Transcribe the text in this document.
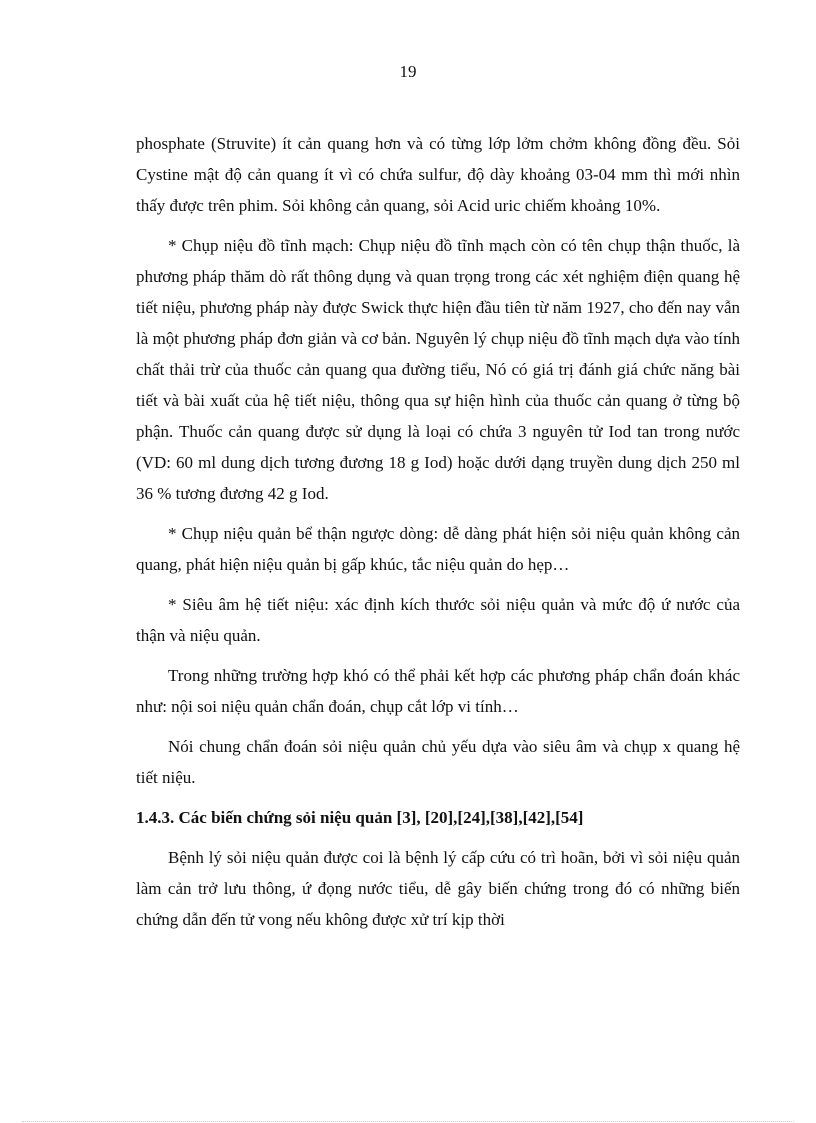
19

phosphate (Struvite) ít cản quang hơn và có từng lớp lởm chởm không đồng đều. Sỏi Cystine mật độ cản quang ít vì có chứa sulfur, độ dày khoảng 03-04 mm thì mới nhìn thấy được trên phim. Sỏi không cản quang, sỏi Acid uric chiếm khoảng 10%.

* Chụp niệu đồ tĩnh mạch: Chụp niệu đồ tĩnh mạch còn có tên chụp thận thuốc, là phương pháp thăm dò rất thông dụng và quan trọng trong các xét nghiệm điện quang hệ tiết niệu, phương pháp này được Swick thực hiện đầu tiên từ năm 1927, cho đến nay vẫn là một phương pháp đơn giản và cơ bản. Nguyên lý chụp niệu đồ tĩnh mạch dựa vào tính chất thải trừ của thuốc cản quang qua đường tiểu, Nó có giá trị đánh giá chức năng bài tiết và bài xuất của hệ tiết niệu, thông qua sự hiện hình của thuốc cản quang ở từng bộ phận. Thuốc cản quang được sử dụng là loại có chứa 3 nguyên tử Iod tan trong nước (VD: 60 ml dung dịch tương đương 18 g Iod) hoặc dưới dạng truyền dung dịch 250 ml 36 % tương đương 42 g Iod.

* Chụp niệu quản bể thận ngược dòng: dễ dàng phát hiện sỏi niệu quản không cản quang, phát hiện niệu quản bị gấp khúc, tắc niệu quản do hẹp…

* Siêu âm hệ tiết niệu: xác định kích thước sỏi niệu quản và mức độ ứ nước của thận và niệu quản.

Trong những trường hợp khó có thể phải kết hợp các phương pháp chẩn đoán khác như: nội soi niệu quản chẩn đoán, chụp cắt lớp vi tính…

Nói chung chẩn đoán sỏi niệu quản chủ yếu dựa vào siêu âm và chụp x quang hệ tiết niệu.

1.4.3. Các biến chứng sỏi niệu quản [3], [20],[24],[38],[42],[54]

Bệnh lý sỏi niệu quản được coi là bệnh lý cấp cứu có trì hoãn, bởi vì sỏi niệu quản làm cản trở lưu thông, ứ đọng nước tiểu, dễ gây biến chứng trong đó có những biến chứng dẫn đến tử vong nếu không được xử trí kịp thời
